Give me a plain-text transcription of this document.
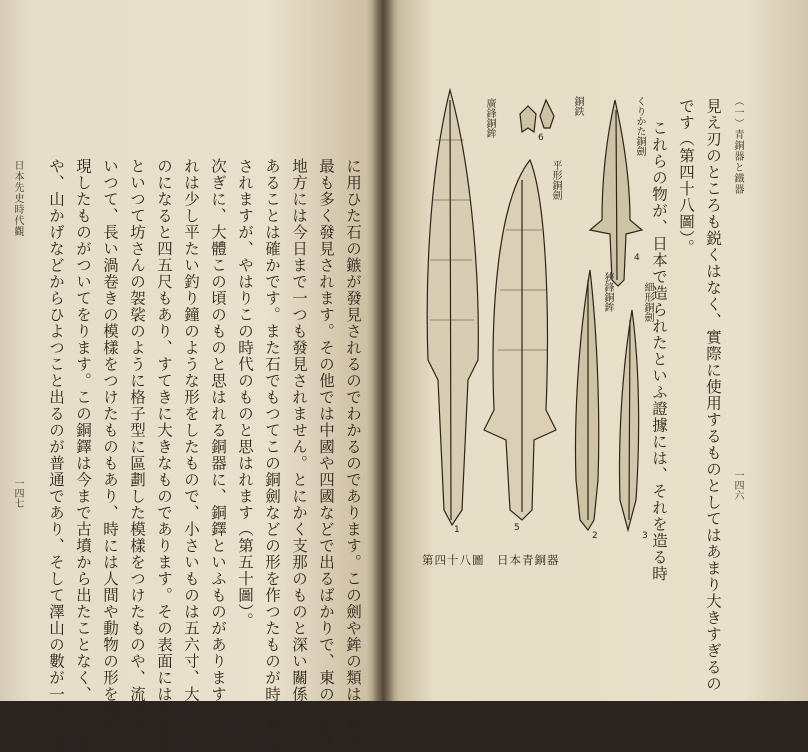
日本先史時代觀
一四七	に用ひた石の鏃が發見されるのでわかるのであります。この劍や鉾の類は九州で
最も多く發見されます。その他では中國や四國などで出るばかりで、東の方東北
地方には今日まで一つも發見されません。とにかく支那のものと深い關係の
あることは確かです。また石でもつてこの銅劍などの形を作つたものが時々發見
されますが、やはりこの時代のものと思はれます（第五十圖）。
次ぎに、大體この頃のものと思はれる銅器に、銅鐸といふものがあります。こ
れは少し平たい釣り鐘のような形をしたもので、小さいものは五六寸、大きいも
のになると四五尺もあり、すてきに大きなものであります。その表面には袈裟襷
といつて坊さんの袈裟のように格子型に區劃した模樣をつけたものや、流水紋と
いつて、長い渦卷きの模樣をつけたものもあり、時には人間や動物の形を簡單に
現したものがついてをります。この銅鐸は今まで古墳から出たことなく、岩の間
や、山かげなどからひよつこと出るのが普通であり、そして澤山の數が一度に出
（一）青銅器と鐵器
一四六
見え刃のところも鋭くはなく、實際に使用するものとしてはあまり大きすぎるの
です（第四十八圖）。
これらの物が、日本で造られたといふ證據には、それを造る時
第四十八圖　日本青銅器
1	5
2	3
4
6
廣鋒銅鉾
平形銅劍
くりかた銅劍
銅鉄
狹鋒銅鉾	細形銅劍
